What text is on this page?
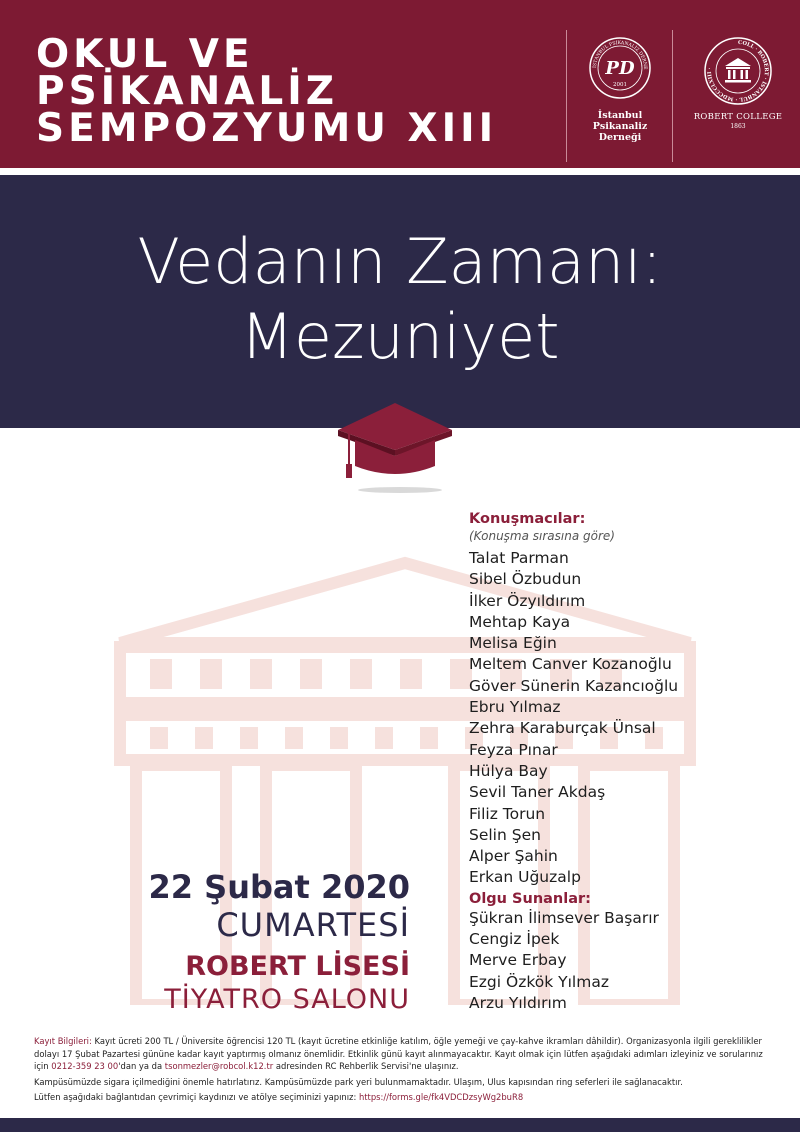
OKUL VE
PSİKANALİZ
SEMPOZYUMU XIII
İSTANBUL PSİKANALİZ DERNE
PD
2001
İstanbul
Psikanaliz
Derneği
COLL · ROBERT · İSTANBUL · MDCCCLXIII ·
ROBERT COLLEGE
1863
Vedanın Zamanı:
Mezuniyet
Konuşmacılar:
(Konuşma sırasına göre)
Talat Parman
Sibel Özbudun
İlker Özyıldırım
Mehtap Kaya
Melisa Eğin
Meltem Canver Kozanoğlu
Göver Sünerin Kazancıoğlu
Ebru Yılmaz
Zehra Karaburçak Ünsal
Feyza Pınar
Hülya Bay
Sevil Taner Akdaş
Filiz Torun
Selin Şen
Alper Şahin
Erkan Uğuzalp
Olgu Sunanlar:
Şükran İlimsever Başarır
Cengiz İpek
Merve Erbay
Ezgi Özkök Yılmaz
Arzu Yıldırım
22 Şubat 2020
CUMARTESİ
ROBERT LİSESİ
TİYATRO SALONU

Kayıt Bilgileri: Kayıt ücreti 200 TL / Üniversite öğrencisi 120 TL (kayıt ücretine etkinliğe katılım, öğle yemeği ve çay-kahve ikramları dâhildir). Organizasyonla ilgili gereklilikler dolayı 17 Şubat Pazartesi gününe kadar kayıt yaptırmış olmanız önemlidir. Etkinlik günü kayıt alınmayacaktır. Kayıt olmak için lütfen aşağıdaki adımları izleyiniz ve sorularınız için 0212-359 23 00'dan ya da tsonmezler@robcol.k12.tr adresinden RC Rehberlik Servisi'ne ulaşınız.

Kampüsümüzde sigara içilmediğini önemle hatırlatırız. Kampüsümüzde park yeri bulunmamaktadır. Ulaşım, Ulus kapısından ring seferleri ile sağlanacaktır.

Lütfen aşağıdaki bağlantıdan çevrimiçi kaydınızı ve atölye seçiminizi yapınız: https://forms.gle/fk4VDCDzsyWg2buR8
